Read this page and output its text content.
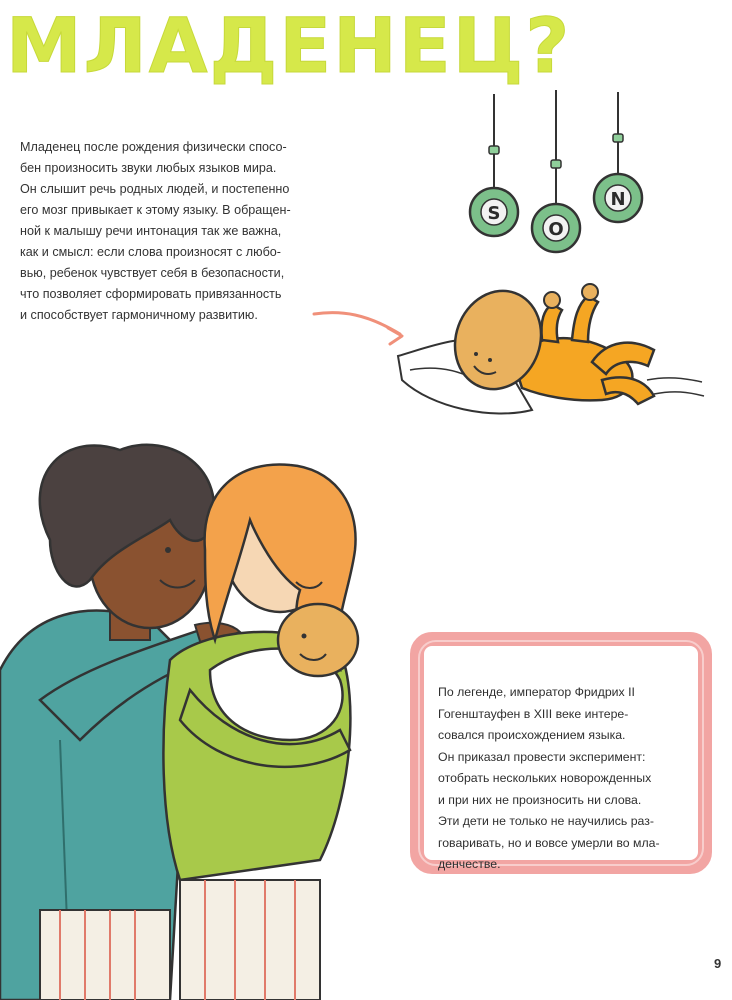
МЛАДЕНЕЦ?
Младенец после рождения физически спосо-
бен произносить звуки любых языков мира.
Он слышит речь родных людей, и постепенно
его мозг привыкает к этому языку. В обращен-
ной к малышу речи интонация так же важна,
как и смысл: если слова произносят с любо-
вью, ребенок чувствует себя в безопасности,
что позволяет сформировать привязанность
и способствует гармоничному развитию.
S
O
N
По легенде, император Фридрих II
Гогенштауфен в XIII веке интере-
совался происхождением языка.
Он приказал провести эксперимент:
отобрать нескольких новорожденных
и при них не произносить ни слова.
Эти дети не только не научились раз-
говаривать, но и вовсе умерли во мла-
денчестве.
9
